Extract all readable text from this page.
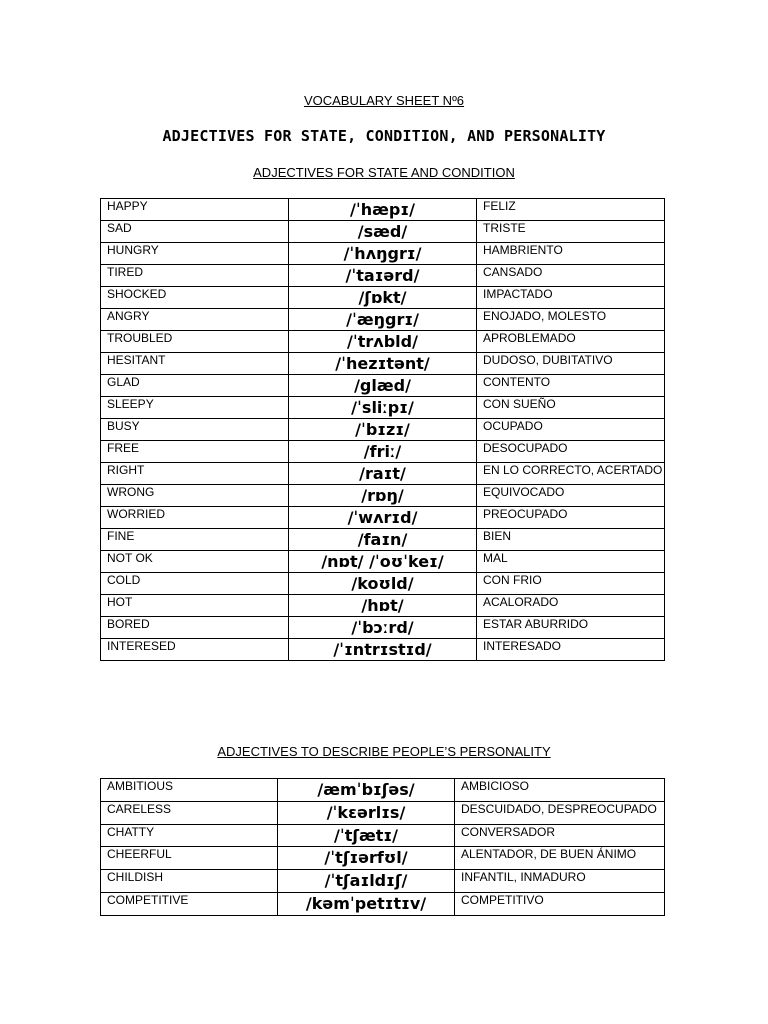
VOCABULARY SHEET Nº6
ADJECTIVES FOR STATE, CONDITION, AND PERSONALITY
ADJECTIVES FOR STATE AND CONDITION
HAPPY	/ˈhæpɪ/	FELIZ
SAD	/sæd/	TRISTE
HUNGRY	/ˈhʌŋgrɪ/	HAMBRIENTO
TIRED	/ˈtaɪərd/	CANSADO
SHOCKED	/ʃɒkt/	IMPACTADO
ANGRY	/ˈæŋgrɪ/	ENOJADO, MOLESTO
TROUBLED	/ˈtrʌbld/	APROBLEMADO
HESITANT	/ˈhezɪtənt/	DUDOSO, DUBITATIVO
GLAD	/glæd/	CONTENTO
SLEEPY	/ˈsliːpɪ/	CON SUEÑO
BUSY	/ˈbɪzɪ/	OCUPADO
FREE	/friː/	DESOCUPADO
RIGHT	/raɪt/	EN LO CORRECTO, ACERTADO
WRONG	/rɒŋ/	EQUIVOCADO
WORRIED	/ˈwʌrɪd/	PREOCUPADO
FINE	/faɪn/	BIEN
NOT OK	/nɒt/ /ˈoʊˈkeɪ/	MAL
COLD	/koʊld/	CON FRIO
HOT	/hɒt/	ACALORADO
BORED	/ˈbɔːrd/	ESTAR ABURRIDO
INTERESED	/ˈɪntrɪstɪd/	INTERESADO
ADJECTIVES TO DESCRIBE PEOPLE’S PERSONALITY
AMBITIOUS	/æmˈbɪʃəs/	AMBICIOSO
CARELESS	/ˈkɛərlɪs/	DESCUIDADO, DESPREOCUPADO
CHATTY	/ˈtʃætɪ/	CONVERSADOR
CHEERFUL	/ˈtʃɪərfʊl/	ALENTADOR, DE BUEN ÁNIMO
CHILDISH	/ˈtʃaɪldɪʃ/	INFANTIL, INMADURO
COMPETITIVE	/kəmˈpetɪtɪv/	COMPETITIVO
